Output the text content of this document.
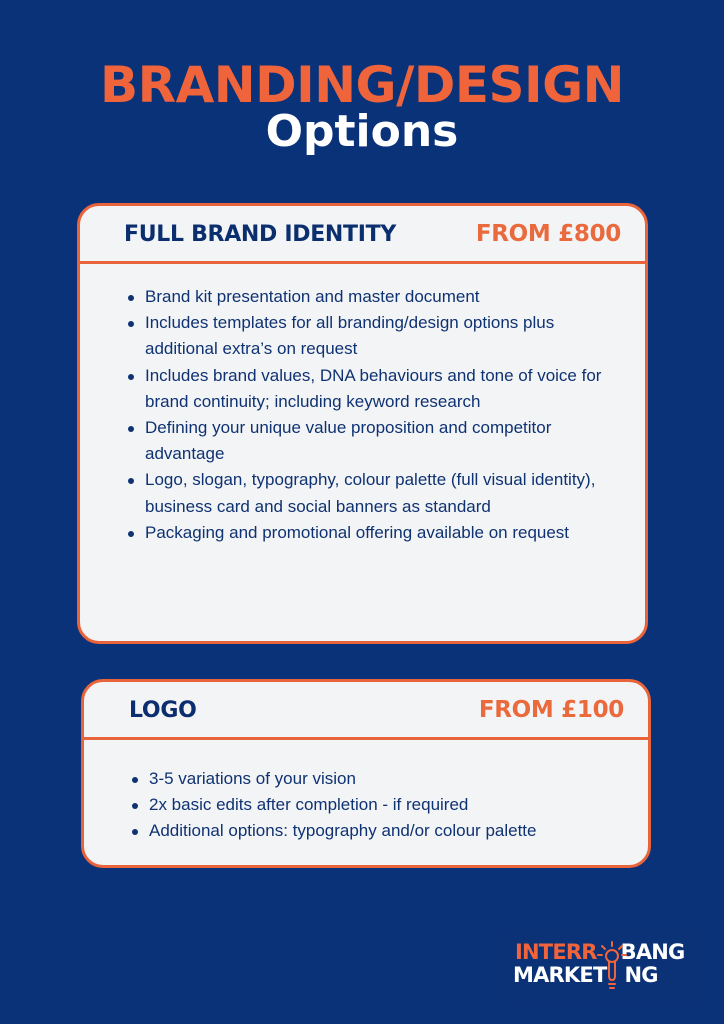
BRANDING/DESIGN
Options
FULL BRAND IDENTITY	FROM £800
Brand kit presentation and master document
Includes templates for all branding/design options plus additional extra’s on request
Includes brand values, DNA behaviours and tone of voice for brand continuity; including keyword research
Defining your unique value proposition and competitor advantage
Logo, slogan, typography, colour palette (full visual identity), business card and social banners as standard
Packaging and promotional offering available on request
LOGO	FROM £100
3-5 variations of your vision
2x basic edits after completion - if required
Additional options: typography and/or colour palette
INTERR BANG
MARKET NG
